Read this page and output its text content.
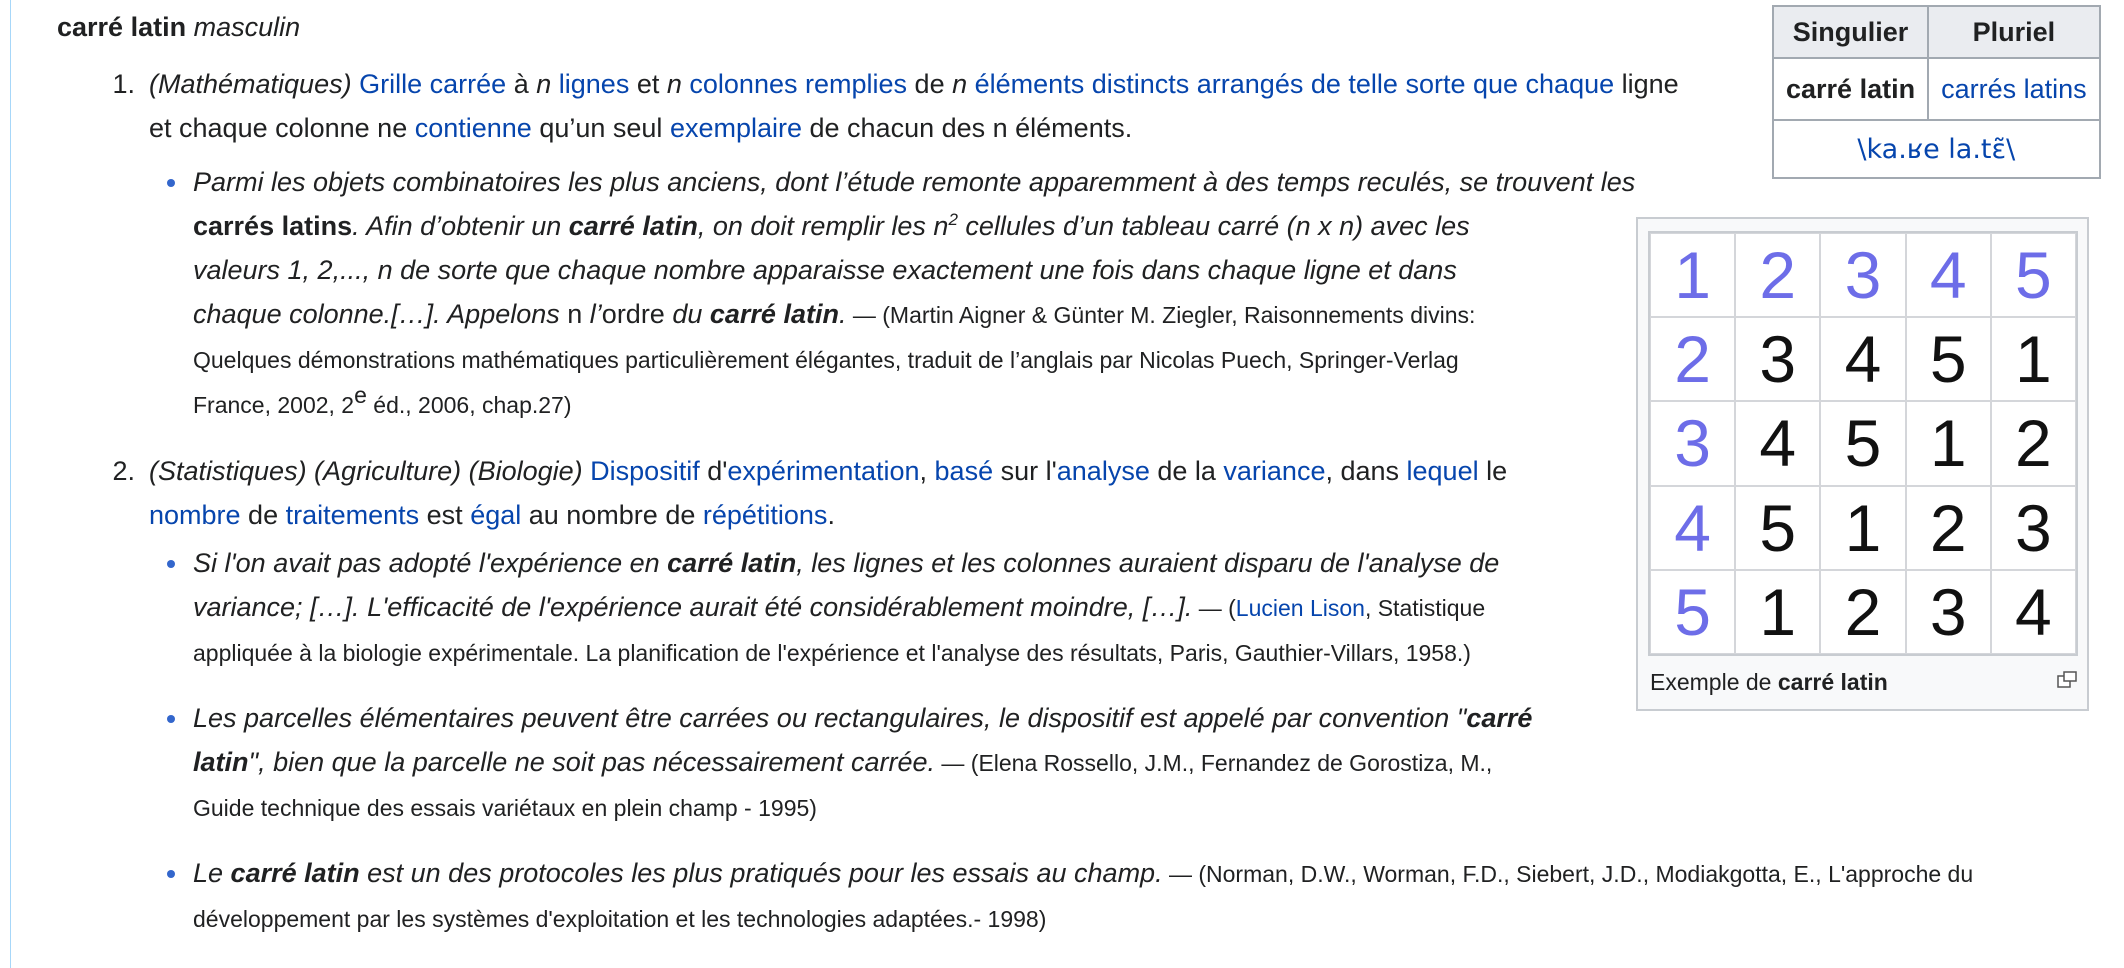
carré latin masculin
1. (Mathématiques) Grille carrée à n lignes et n colonnes remplies de n éléments distincts arrangés de telle sorte que chaque ligne
et chaque colonne ne contienne qu’un seul exemplaire de chacun des n éléments.
Parmi les objets combinatoires les plus anciens, dont l’étude remonte apparemment à des temps reculés, se trouvent les
carrés latins. Afin d’obtenir un carré latin, on doit remplir les $n^2$ cellules d’un tableau carré (n x n) avec les
valeurs 1, 2,..., n de sorte que chaque nombre apparaisse exactement une fois dans chaque ligne et dans
chaque colonne.[…]. Appelons n l’ordre du carré latin. — (Martin Aigner & Günter M. Ziegler, Raisonnements divins:
Quelques démonstrations mathématiques particulièrement élégantes, traduit de l’anglais par Nicolas Puech, Springer-Verlag
France, 2002, 2e éd., 2006, chap.27)
2. (Statistiques) (Agriculture) (Biologie) Dispositif d'expérimentation, basé sur l'analyse de la variance, dans lequel le
nombre de traitements est égal au nombre de répétitions.
Si l'on avait pas adopté l'expérience en carré latin, les lignes et les colonnes auraient disparu de l'analyse de
variance; […]. L'efficacité de l'expérience aurait été considérablement moindre, […]. — (Lucien Lison, Statistique
appliquée à la biologie expérimentale. La planification de l'expérience et l'analyse des résultats, Paris, Gauthier-Villars, 1958.)
Les parcelles élémentaires peuvent être carrées ou rectangulaires, le dispositif est appelé par convention "carré
latin", bien que la parcelle ne soit pas nécessairement carrée. — (Elena Rossello, J.M., Fernandez de Gorostiza, M.,
Guide technique des essais variétaux en plein champ - 1995)
Le carré latin est un des protocoles les plus pratiqués pour les essais au champ. — (Norman, D.W., Worman, F.D., Siebert, J.D., Modiakgotta, E., L'approche du
développement par les systèmes d'exploitation et les technologies adaptées.- 1998)
Singulier	Pluriel
carré latin	carrés latins
\ka.ʁe la.tɛ̃\	
1 2 3 4 5
2 3 4 5 1
3 4 5 1 2
4 5 1 2 3
5 1 2 3 4
Exemple de carré latin
